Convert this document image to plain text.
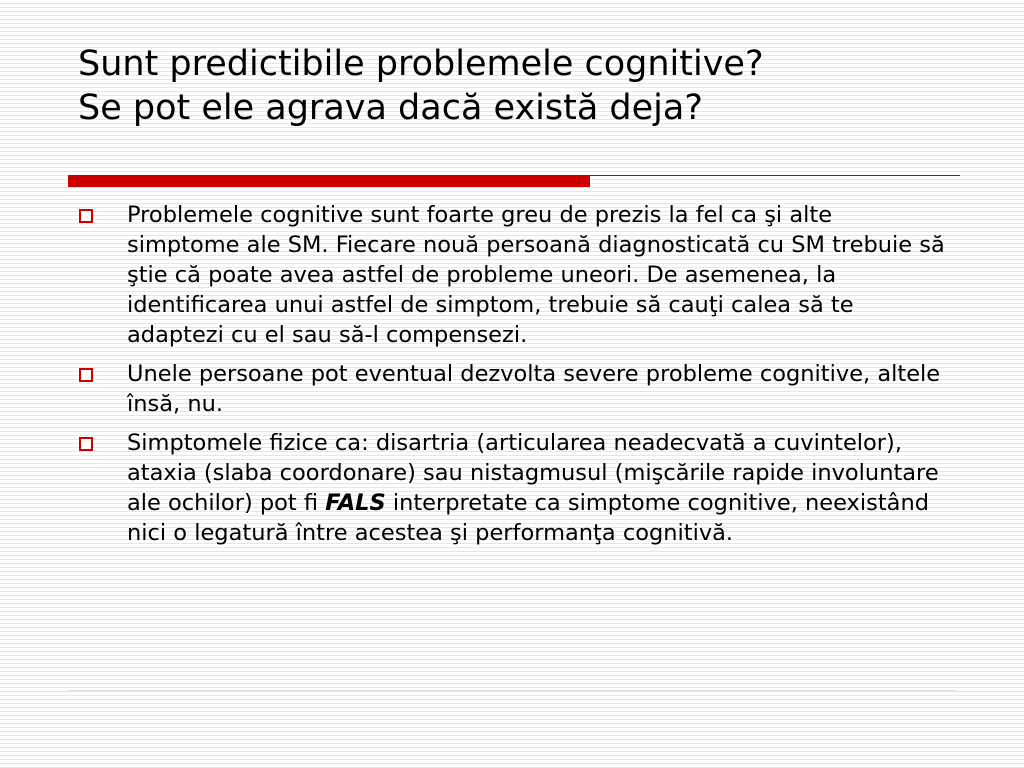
Sunt predictibile problemele cognitive?
Se pot ele agrava dacă există deja?
Problemele cognitive sunt foarte greu de prezis la fel ca şi alte simptome ale SM. Fiecare nouă persoană diagnosticată cu SM trebuie să ştie că poate avea astfel de probleme uneori. De asemenea, la identificarea unui astfel de simptom, trebuie să cauţi calea să te adaptezi cu el sau să-l compensezi.
Unele persoane pot eventual dezvolta severe probleme cognitive, altele însă, nu.
Simptomele fizice ca: disartria (articularea neadecvată a cuvintelor), ataxia (slaba coordonare) sau nistagmusul (mişcările rapide involuntare ale ochilor) pot fi FALS interpretate ca simptome cognitive, neexistând nici o legatură între acestea şi performanţa cognitivă.
